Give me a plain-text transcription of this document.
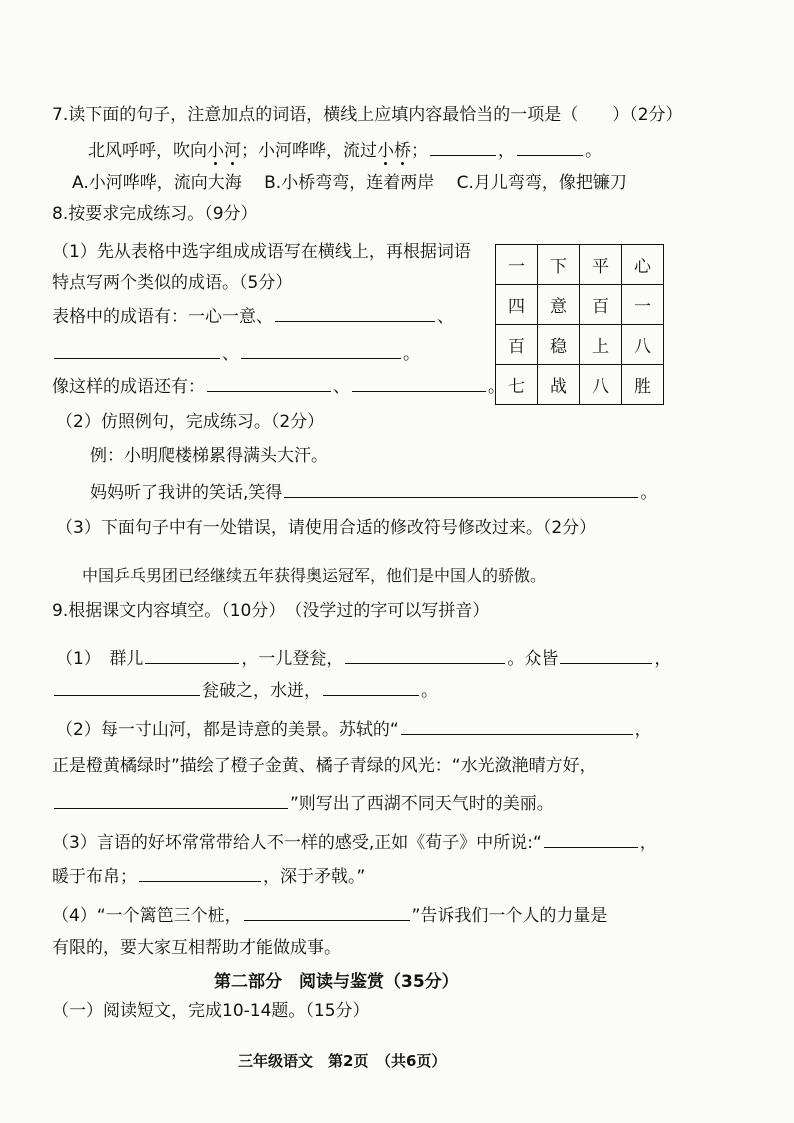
7.读下面的句子，注意加点的词语，横线上应填内容最恰当的一项是（　　）（2分）
北风呼呼，吹向小河；小河哗哗，流过小桥；	，	。
A.小河哗哗，流向大海　 B.小桥弯弯，连着两岸　 C.月儿弯弯，像把镰刀
8.按要求完成练习。（9分）
（1）先从表格中选字组成成语写在横线上，再根据词语
特点写两个类似的成语。（5分）
表格中的成语有：一心一意、	、
、	。
像这样的成语还有：	、	。
一	下	平	心
四	意	百	一
百	稳	上	八
七	战	八	胜
（2）仿照例句，完成练习。（2分）
例：小明爬楼梯累得满头大汗。
妈妈听了我讲的笑话,笑得	。
（3）下面句子中有一处错误，请使用合适的修改符号修改过来。（2分）
中国乒乓男团已经继续五年获得奥运冠军，他们是中国人的骄傲。
9.根据课文内容填空。（10分）　（没学过的字可以写拼音）
（1）　群儿	，一儿登瓮，	。众皆	，
瓮破之，水迸，	。
（2）每一寸山河，都是诗意的美景。苏轼的“	，
正是橙黄橘绿时”描绘了橙子金黄、橘子青绿的风光：“水光潋滟晴方好，
”则写出了西湖不同天气时的美丽。
（3）言语的好坏常常带给人不一样的感受,正如《荀子》中所说:“	，
暖于布帛；	，深于矛戟。”
（4）“一个篱笆三个桩，	”告诉我们一个人的力量是
有限的，要大家互相帮助才能做成事。
第二部分　阅读与鉴赏（35分）
（一）阅读短文，完成10-14题。（15分）
三年级语文　第2页　（共6页）
